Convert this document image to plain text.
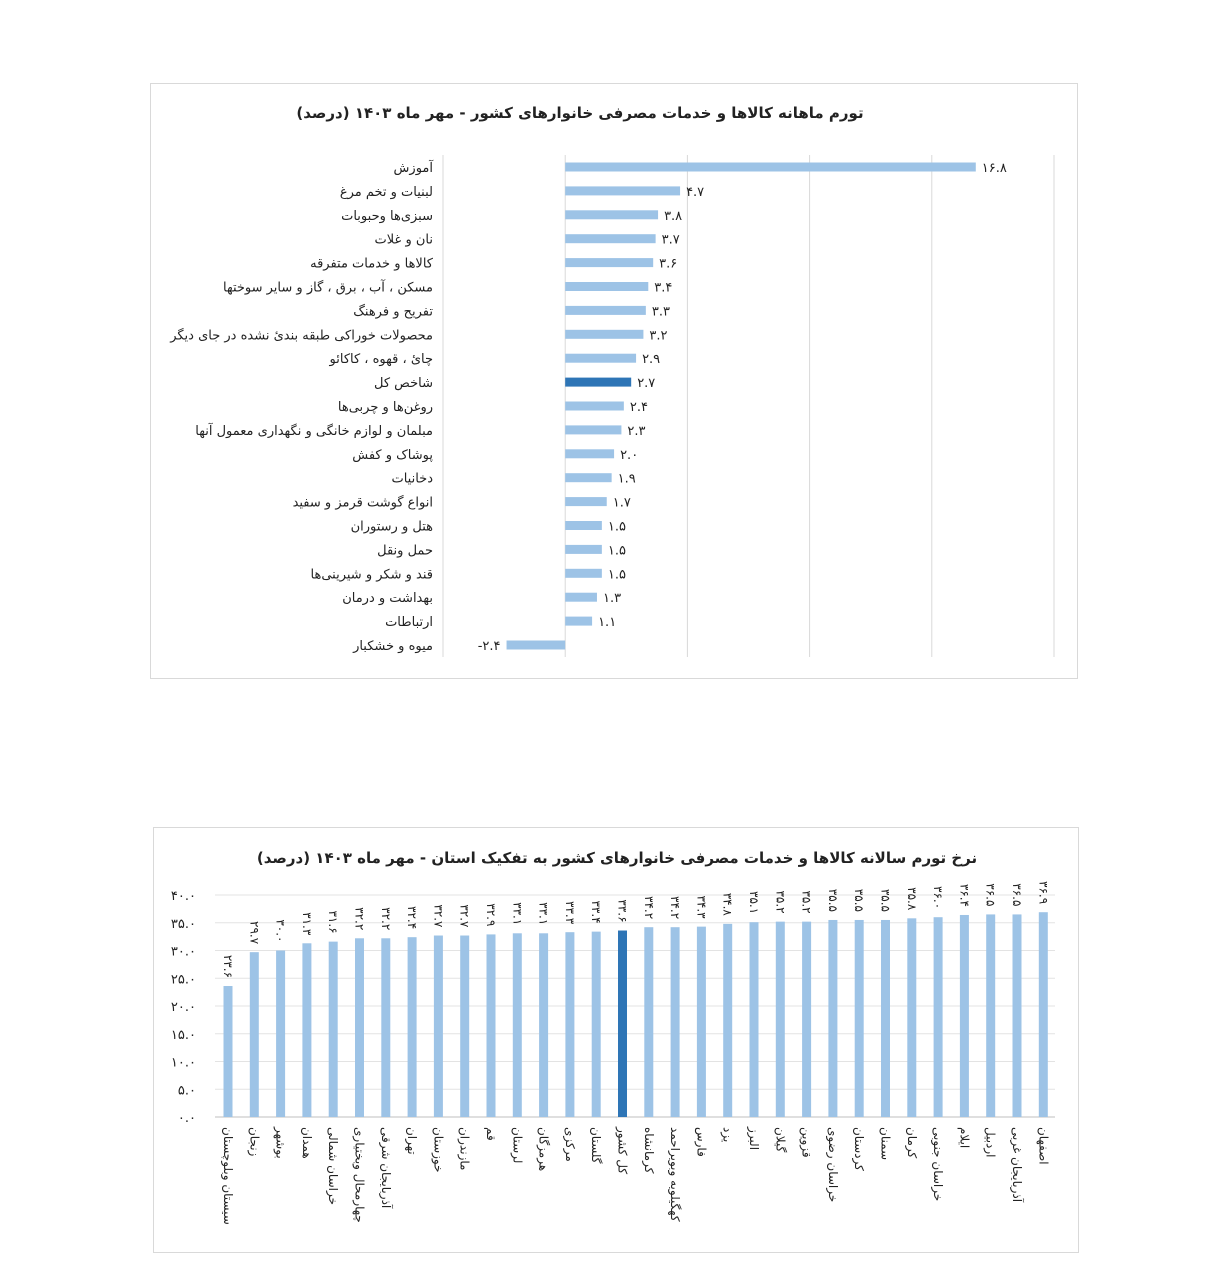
تورم ماهانه کالاها و خدمات مصرفی خانوارهای کشور - مهر ماه ۱۴۰۳ (درصد)
نرخ تورم سالانه کالاها و خدمات مصرفی خانوارهای کشور به تفکیک استان - مهر ماه ۱۴۰۳ (درصد)
آموزش	۱۶.۸
لبنیات و تخم مرغ	۴.۷
سبزی‌ها وحبوبات	۳.۸
نان و غلات	۳.۷
کالاها و خدمات متفرقه	۳.۶
مسکن ، آب ، برق ، گاز و سایر سوختها	۳.۴
تفریح و فرهنگ	۳.۳
محصولات خوراکی طبقه بندیٔ نشده در جای دیگر	۳.۲
چائ ، قهوه ، کاکائو	۲.۹
شاخص کل	۲.۷
روغن‌ها و چربی‌ها	۲.۴
مبلمان و لوازم خانگی و نگهداری معمول آنها	۲.۳
پوشاک و کفش	۲.۰
دخانیات	۱.۹
انواع گوشت قرمز و سفید	۱.۷
هتل و رستوران	۱.۵
حمل ونقل	۱.۵
قند و شکر و شیرینی‌ها	۱.۵
بهداشت و درمان	۱.۳
ارتباطات	۱.۱
میوه و خشکبار	-۲.۴
۰.۰
۵.۰
۱۰.۰
۱۵.۰
۲۰.۰
۲۵.۰
۳۰.۰
۳۵.۰
۴۰.۰
۲۳.۶
سیستان وبلوچستان
۲۹.۷
زنجان
۳۰.۰
بوشهر
۳۱.۳
همدان
۳۱.۶
خراسان شمالی
۳۲.۲
چهارمحال وبختیاری
۳۲.۲
آذربایجان شرقی
۳۲.۴
تهران
۳۲.۷
خوزستان
۳۲.۷
مازندران
۳۲.۹
قم
۳۳.۱
لرستان
۳۳.۱
هرمزگان
۳۳.۳
مرکزی
۳۳.۴
گلستان
۳۳.۶
کل کشور
۳۴.۲
کرمانشاه
۳۴.۲
کهگیلویه وبویراحمد
۳۴.۳
فارس
۳۴.۸
یزد
۳۵.۱
البرز
۳۵.۲
گیلان
۳۵.۲
قزوین
۳۵.۵
خراسان رضوی
۳۵.۵
کردستان
۳۵.۵
سمنان
۳۵.۸
کرمان
۳۶.۰
خراسان جنوبی
۳۶.۴
ایلام
۳۶.۵
اردبیل
۳۶.۵
آذربایجان غربی
۳۶.۹
اصفهان
